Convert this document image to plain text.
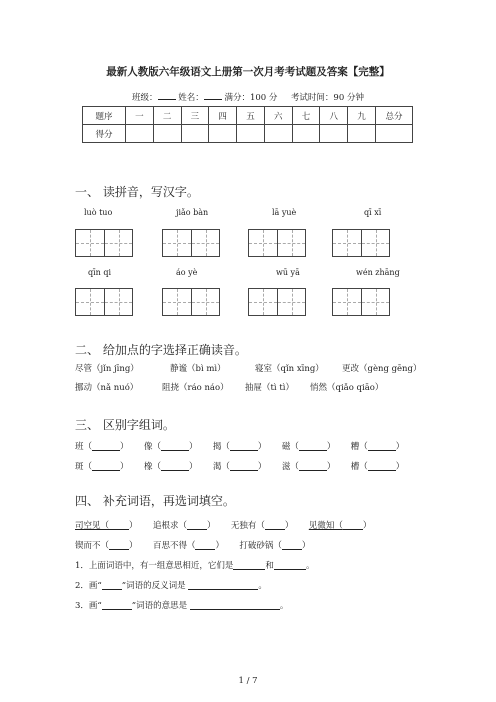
最新人教版六年级语文上册第一次月考考试题及答案【完整】
班级： 姓名： 满分：100 分 考试时间：90 分钟
题序	一	二	三	四	五	六	七	八	九	总分
得分										
一、 读拼音，写汉字。
luò tuo	jiǎo bàn	lā yuè	qī xī
qīn qi	áo yè	wū yā	wén zhāng
二、 给加点的字选择正确读音。
尽管（jǐn jīng）	静谧（bì mì）	寝室（qǐn xīng） 更改（gèng gēng）
挪动（nǎ nuó）	阻挠（ráo náo） 抽屉（tì tì） 悄然（qiǎo qiāo）
三、 区别字组词。
班（	） 像（	） 揭（	） 磁（	） 糟（	）
斑（	） 橡（	） 渴（	） 滋（	） 槽（	）
四、 补充词语，再选词填空。
司空见（ ） 追根求（ ） 无独有（ ） 见微知（ ）
锲而不（ ） 百思不得（ ） 打破砂锅（ ）
1．上面词语中，有一组意思相近，它们是	和	。
2．画“ ”词语的反义词是	。
3．画“	”词语的意思是	。
1 / 7
